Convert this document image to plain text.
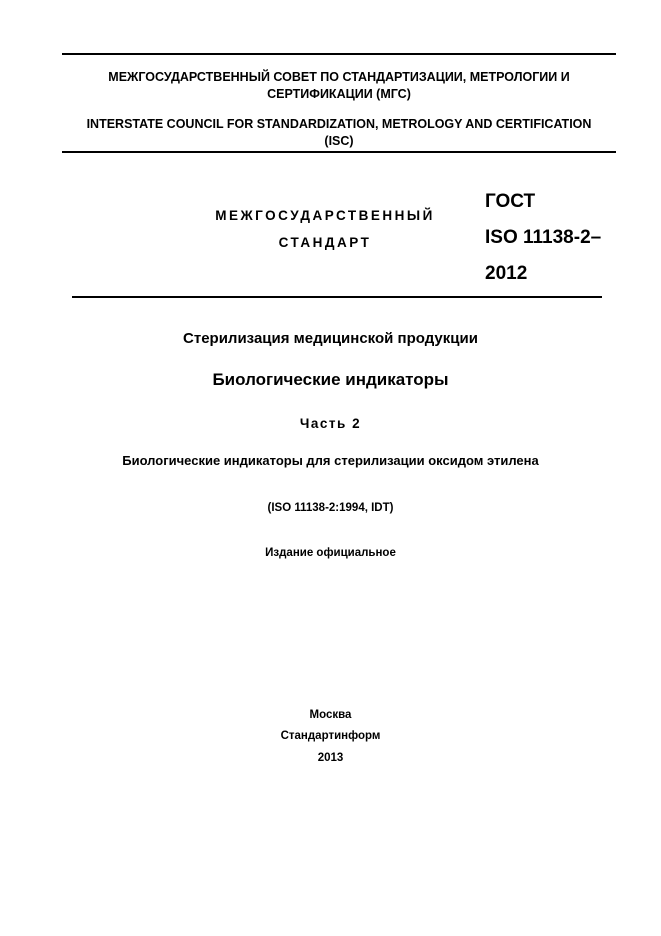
МЕЖГОСУДАРСТВЕННЫЙ СОВЕТ ПО СТАНДАРТИЗАЦИИ, МЕТРОЛОГИИ И
СЕРТИФИКАЦИИ (МГС)
INTERSTATE COUNCIL FOR STANDARDIZATION, METROLOGY AND CERTIFICATION
(ISC)
МЕЖГОСУДАРСТВЕННЫЙ
СТАНДАРТ
ГОСТ
ISO 11138-2–
2012
Стерилизация медицинской продукции
Биологические индикаторы
Часть 2
Биологические индикаторы для стерилизации оксидом этилена
(ISO 11138-2:1994, IDT)
Издание официальное
Москва
Стандартинформ
2013
